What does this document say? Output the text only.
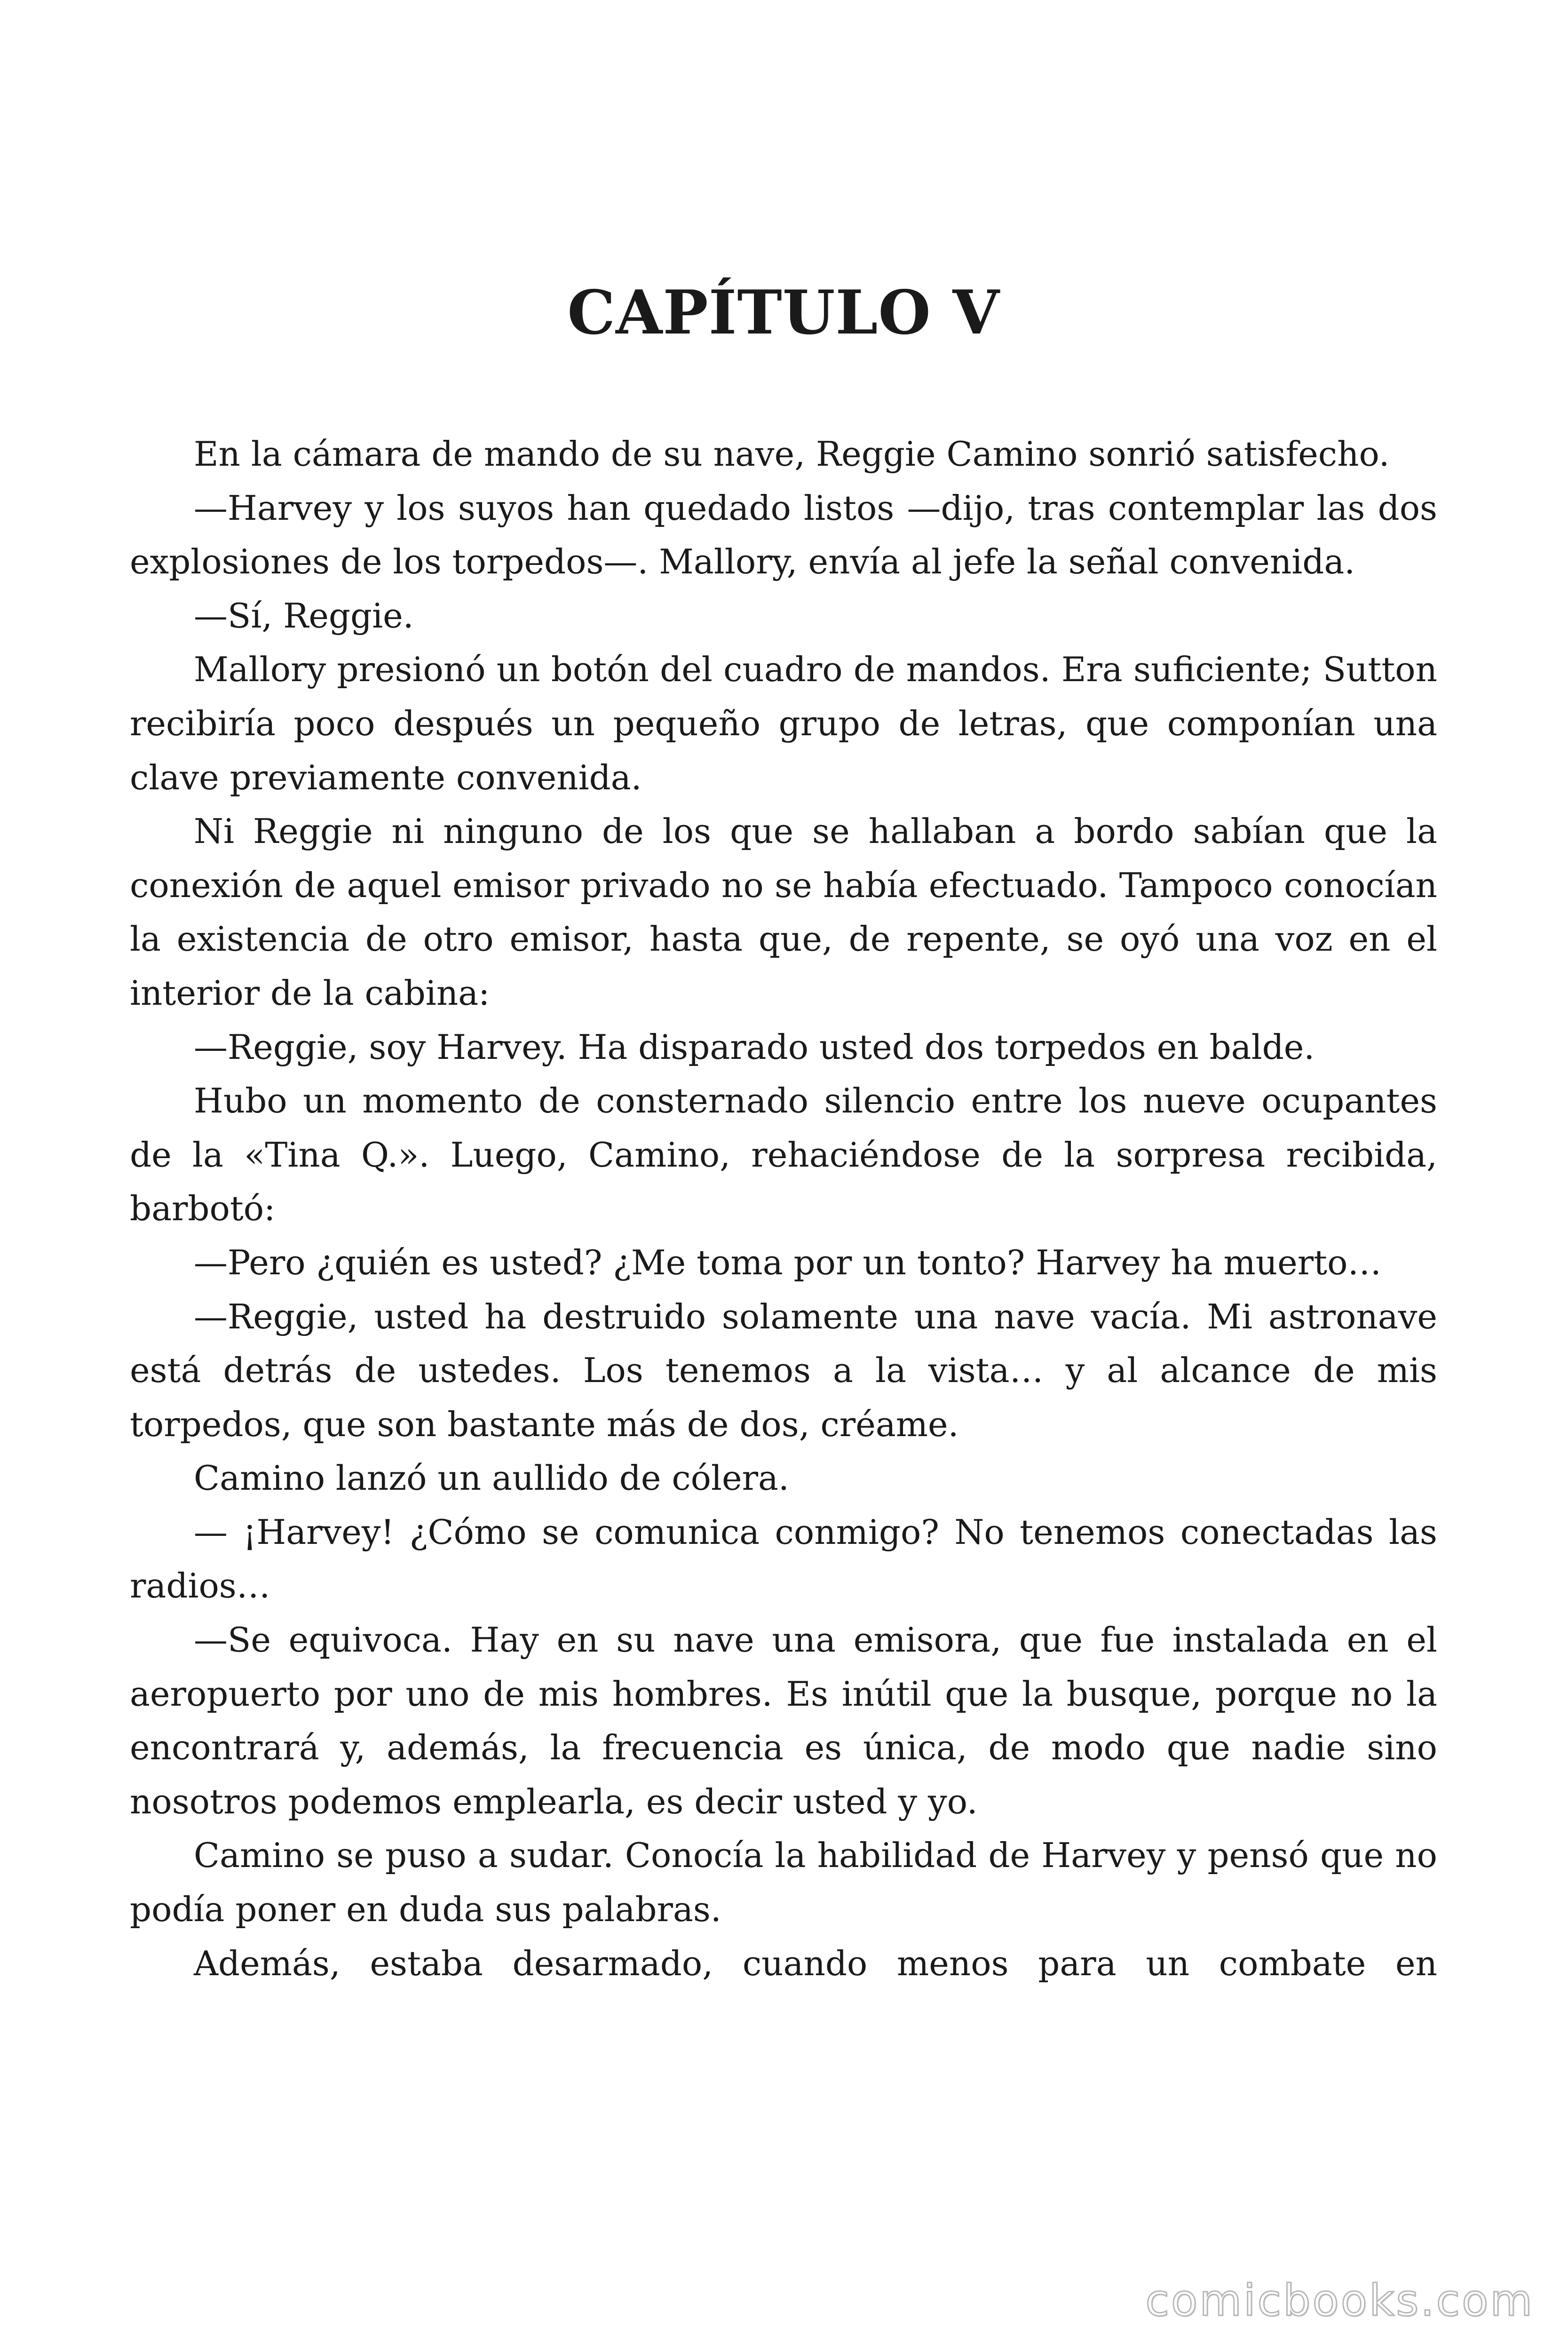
CAPÍTULO V

En la cámara de mando de su nave, Reggie Camino sonrió satisfecho.

—Harvey y los suyos han quedado listos —dijo, tras contemplar las dos explosiones de los torpedos—. Mallory, envía al jefe la señal convenida.

—Sí, Reggie.

Mallory presionó un botón del cuadro de mandos. Era suficiente; Sutton recibiría poco después un pequeño grupo de letras, que componían una clave previamente convenida.

Ni Reggie ni ninguno de los que se hallaban a bordo sabían que la conexión de aquel emisor privado no se había efectuado. Tampoco conocían la existencia de otro emisor, hasta que, de repente, se oyó una voz en el interior de la cabina:

—Reggie, soy Harvey. Ha disparado usted dos torpedos en balde.

Hubo un momento de consternado silencio entre los nueve ocupantes de la «Tina Q.». Luego, Camino, rehaciéndose de la sorpresa recibida, barbotó:

—Pero ¿quién es usted? ¿Me toma por un tonto? Harvey ha muerto…

—Reggie, usted ha destruido solamente una nave vacía. Mi astronave está detrás de ustedes. Los tenemos a la vista… y al alcance de mis torpedos, que son bastante más de dos, créame.

Camino lanzó un aullido de cólera.

— ¡Harvey! ¿Cómo se comunica conmigo? No tenemos conectadas las radios…

—Se equivoca. Hay en su nave una emisora, que fue instalada en el aeropuerto por uno de mis hombres. Es inútil que la busque, porque no la encontrará y, además, la frecuencia es única, de modo que nadie sino nosotros podemos emplearla, es decir usted y yo.

Camino se puso a sudar. Conocía la habilidad de Harvey y pensó que no podía poner en duda sus palabras.

Además, estaba desarmado, cuando menos para un combate en

comicbooks.com
